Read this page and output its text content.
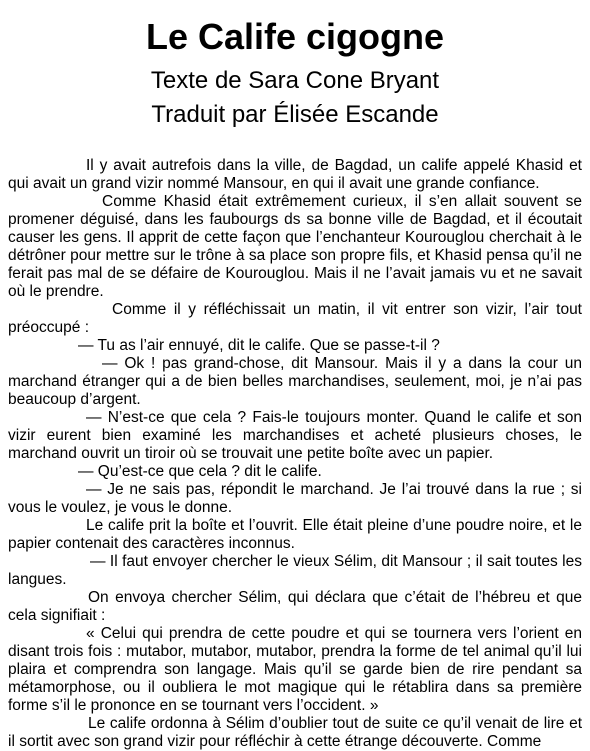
Le Calife cigogne
Texte de Sara Cone Bryant
Traduit par Élisée Escande

Il y avait autrefois dans la ville, de Bagdad, un calife appelé Khasid et qui avait un grand vizir nommé Mansour, en qui il avait une grande confiance.

Comme Khasid était extrêmement curieux, il s’en allait souvent se promener déguisé, dans les faubourgs ds sa bonne ville de Bagdad, et il écoutait causer les gens. Il apprit de cette façon que l’enchanteur Kourouglou cherchait à le détrôner pour mettre sur le trône à sa place son propre fils, et Khasid pensa qu’il ne ferait pas mal de se défaire de Kourouglou. Mais il ne l’avait jamais vu et ne savait où le prendre.

Comme il y réfléchissait un matin, il vit entrer son vizir, l’air tout préoccupé :

— Tu as l’air ennuyé, dit le calife. Que se passe-t-il ?

— Ok ! pas grand-chose, dit Mansour. Mais il y a dans la cour un marchand étranger qui a de bien belles marchandises, seulement, moi, je n’ai pas beaucoup d’argent.

— N’est-ce que cela ? Fais-le toujours monter. Quand le calife et son vizir eurent bien examiné les marchandises et acheté plusieurs choses, le marchand ouvrit un tiroir où se trouvait une petite boîte avec un papier.

— Qu’est-ce que cela ? dit le calife.

— Je ne sais pas, répondit le marchand. Je l’ai trouvé dans la rue ; si vous le voulez, je vous le donne.

Le calife prit la boîte et l’ouvrit. Elle était pleine d’une poudre noire, et le papier contenait des caractères inconnus.

— Il faut envoyer chercher le vieux Sélim, dit Mansour ; il sait toutes les langues.

On envoya chercher Sélim, qui déclara que c’était de l’hébreu et que cela signifiait :

« Celui qui prendra de cette poudre et qui se tournera vers l’orient en disant trois fois : mutabor, mutabor, mutabor, prendra la forme de tel animal qu’il lui plaira et comprendra son langage. Mais qu’il se garde bien de rire pendant sa métamorphose, ou il oubliera le mot magique qui le rétablira dans sa première forme s’il le prononce en se tournant vers l’occident. »

Le calife ordonna à Sélim d’oublier tout de suite ce qu’il venait de lire et il sortit avec son grand vizir pour réfléchir à cette étrange découverte. Comme
